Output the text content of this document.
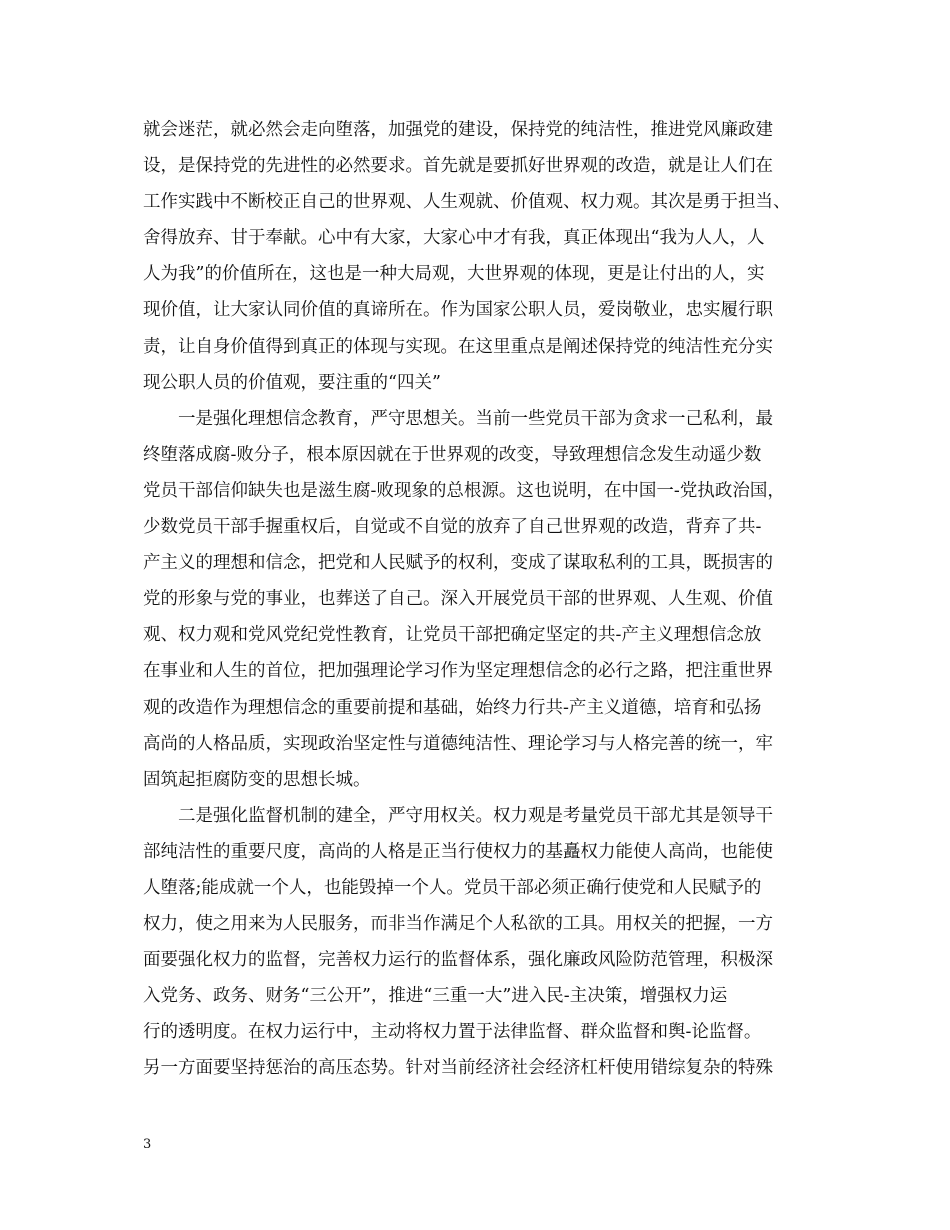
就会迷茫，就必然会走向堕落，加强党的建设，保持党的纯洁性，推进党风廉政建
设，是保持党的先进性的必然要求。首先就是要抓好世界观的改造，就是让人们在
工作实践中不断校正自己的世界观、人生观就、价值观、权力观。其次是勇于担当、
舍得放弃、甘于奉献。心中有大家，大家心中才有我，真正体现出“我为人人，人
人为我”的价值所在，这也是一种大局观，大世界观的体现，更是让付出的人，实
现价值，让大家认同价值的真谛所在。作为国家公职人员，爱岗敬业，忠实履行职
责，让自身价值得到真正的体现与实现。在这里重点是阐述保持党的纯洁性充分实
现公职人员的价值观，要注重的“四关”
　　一是强化理想信念教育，严守思想关。当前一些党员干部为贪求一己私利，最
终堕落成腐-败分子，根本原因就在于世界观的改变，导致理想信念发生动遥少数
党员干部信仰缺失也是滋生腐-败现象的总根源。这也说明，在中国一-党执政治国，
少数党员干部手握重权后，自觉或不自觉的放弃了自己世界观的改造，背弃了共-
产主义的理想和信念，把党和人民赋予的权利，变成了谋取私利的工具，既损害的
党的形象与党的事业，也葬送了自己。深入开展党员干部的世界观、人生观、价值
观、权力观和党风党纪党性教育，让党员干部把确定坚定的共-产主义理想信念放
在事业和人生的首位，把加强理论学习作为坚定理想信念的必行之路，把注重世界
观的改造作为理想信念的重要前提和基础，始终力行共-产主义道德，培育和弘扬
高尚的人格品质，实现政治坚定性与道德纯洁性、理论学习与人格完善的统一，牢
固筑起拒腐防变的思想长城。
　　二是强化监督机制的建全，严守用权关。权力观是考量党员干部尤其是领导干
部纯洁性的重要尺度，高尚的人格是正当行使权力的基矗权力能使人高尚，也能使
人堕落;能成就一个人，也能毁掉一个人。党员干部必须正确行使党和人民赋予的
权力，使之用来为人民服务，而非当作满足个人私欲的工具。用权关的把握，一方
面要强化权力的监督，完善权力运行的监督体系，强化廉政风险防范管理，积极深
入党务、政务、财务“三公开”，推进“三重一大”进入民-主决策，增强权力运
行的透明度。在权力运行中，主动将权力置于法律监督、群众监督和舆-论监督。
另一方面要坚持惩治的高压态势。针对当前经济社会经济杠杆使用错综复杂的特殊
3
